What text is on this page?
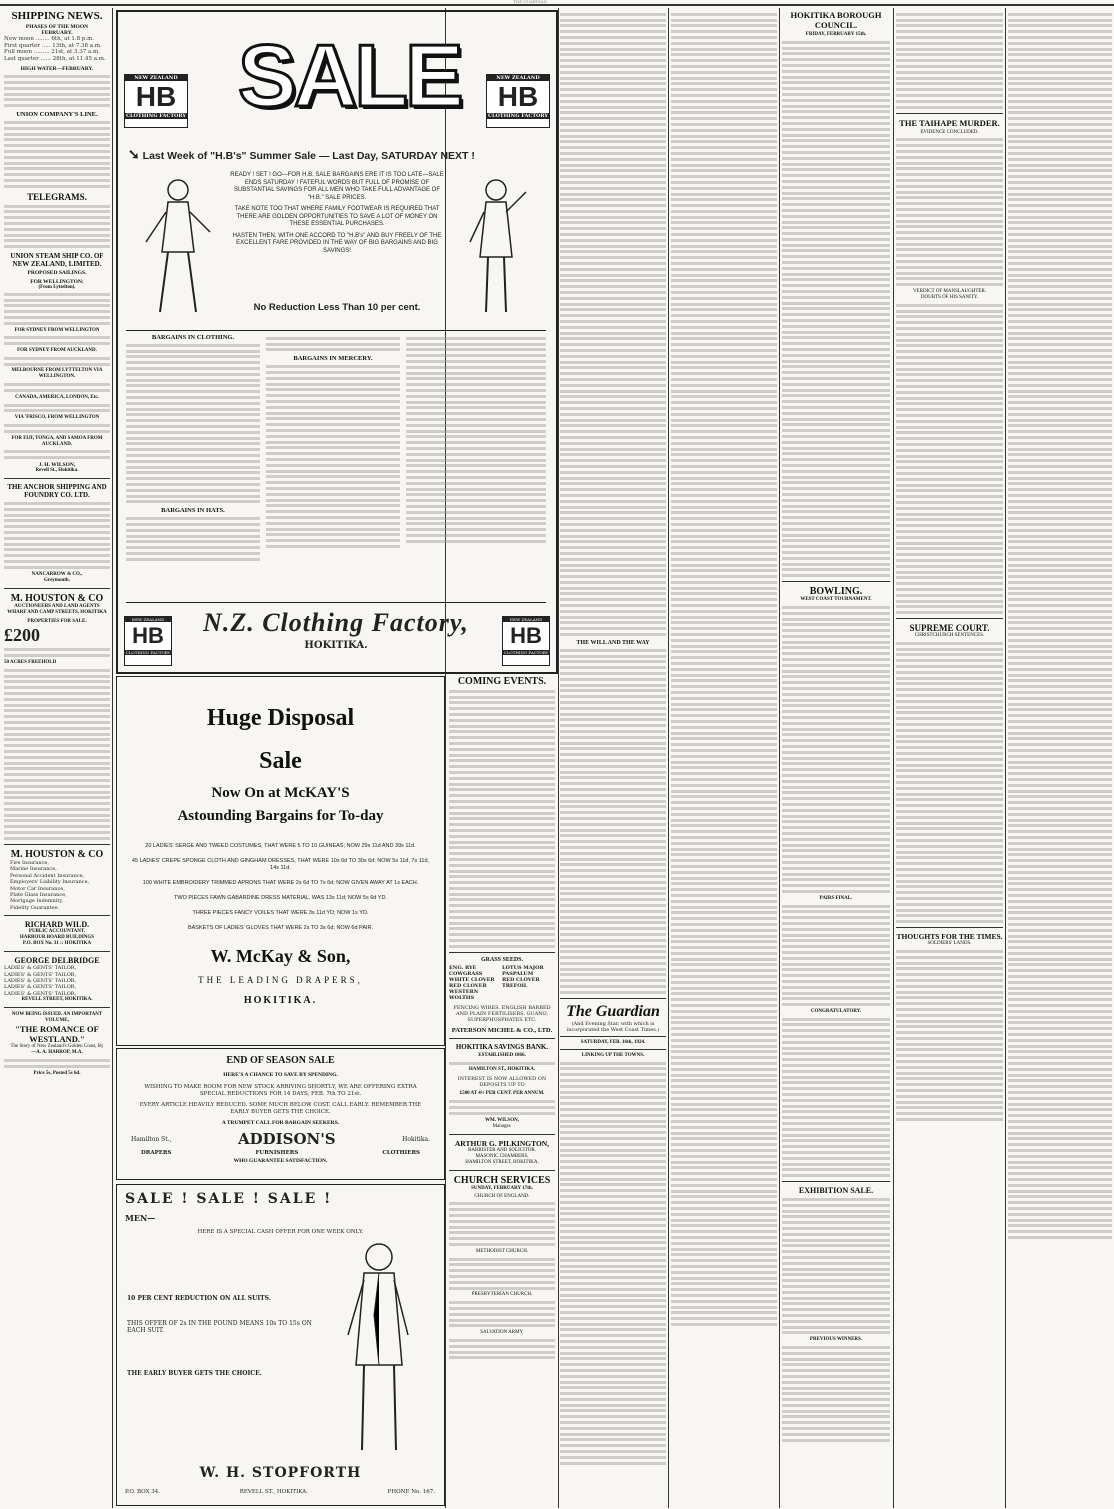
THE GUARDIAN
SHIPPING NEWS.
PHASES OF THE MOON
FEBRUARY.
New moon ........ 6th, at 1.8 p.m.
First quarter ..... 13th, at 7.38 a.m.
Full moon ......... 21st, at 3.37 a.m.
Last quarter ...... 28th, at 11.45 a.m.
HIGH WATER—FEBRUARY.
UNION COMPANY'S LINE.
TELEGRAMS.
UNION STEAM SHIP CO. OF NEW ZEALAND, LIMITED.
PROPOSED SAILINGS.
FOR WELLINGTON:
(From Lyttelton).
FOR SYDNEY FROM WELLINGTON
FOR SYDNEY FROM AUCKLAND.
MELBOURNE FROM LYTTELTON VIA WELLINGTON.
CANADA, AMERICA, LONDON, Etc.
VIA 'FRISCO, FROM WELLINGTON
FOR FIJI, TONGA, AND SAMOA FROM AUCKLAND.
J. H. WILSON,
Revell St., Hokitika.
THE ANCHOR SHIPPING AND FOUNDRY CO. LTD.
NANCARROW & CO.,
Greymouth.
M. HOUSTON & CO
AUCTIONEERS AND LAND AGENTS
WHARF AND CAMP STREETS, HOKITIKA
PROPERTIES FOR SALE.
£200
50 ACRES FREEHOLD
M. HOUSTON & CO
Fire Insurance,
Marine Insurance,
Personal Accident Insurance,
Employers' Liability Insurance,
Motor Car Insurance,
Plate Glass Insurance,
Mortgage Indemnity,
Fidelity Guarantee.
RICHARD WILD.
PUBLIC ACCOUNTANT.
HARBOUR BOARD BUILDINGS
P.O. BOX No. 31 :: HOKITIKA
GEORGE DELBRIDGE
LADIES' & GENTS' TAILOR,
LADIES' & GENTS' TAILOR,
LADIES' & GENTS' TAILOR,
LADIES' & GENTS' TAILOR,
LADIES' & GENTS' TAILOR,
REVELL STREET, HOKITIKA.
NOW BEING ISSUED. AN IMPORTANT VOLUME,
"THE ROMANCE OF WESTLAND."
The Story of New Zealand's Golden Coast, By
—A. A. HARROP, M.A.
Price 5s, Posted 5s 6d.
NEW ZEALAND
HB
CLOTHING FACTORY SALE	NEW ZEALAND
HB
CLOTHING FACTORY
➘ Last Week of "H.B's" Summer Sale — Last Day, SATURDAY NEXT !
READY ! SET ! GO—FOR H.B. SALE BARGAINS ERE IT IS TOO LATE—SALE ENDS SATURDAY ! FATEFUL WORDS BUT FULL OF PROMISE OF SUBSTANTIAL SAVINGS FOR ALL MEN WHO TAKE FULL ADVANTAGE OF "H.B." SALE PRICES.
TAKE NOTE TOO THAT WHERE FAMILY FOOTWEAR IS REQUIRED THAT THERE ARE GOLDEN OPPORTUNITIES TO SAVE A LOT OF MONEY ON THESE ESSENTIAL PURCHASES.
HASTEN THEN, WITH ONE ACCORD TO "H.B's" AND BUY FREELY OF THE EXCELLENT FARE PROVIDED IN THE WAY OF BIG BARGAINS AND BIG SAVINGS!
No Reduction Less Than 10 per cent.
BARGAINS IN CLOTHING.
BARGAINS IN HATS.
BARGAINS IN MERCERY.
N.Z. Clothing Factory,
HOKITIKA.
NEW ZEALAND
HB
CLOTHING FACTORY
NEW ZEALAND
HB
CLOTHING FACTORY
Huge Disposal
Sale
Now On at McKAY'S
Astounding Bargains for To-day
20 LADIES' SERGE AND TWEED COSTUMES, THAT WERE 5 TO 10 GUINEAS; NOW 29s 11d AND 39s 11d.
45 LADIES' CREPE SPONGE CLOTH AND GINGHAM DRESSES, THAT WERE 10s 6d TO 30s 6d; NOW 5s 11d, 7s 11d, 14s 11d.
100 WHITE EMBROIDERY TRIMMED APRONS THAT WERE 2s 6d TO 7s 6d; NOW GIVEN AWAY AT 1s EACH.
TWO PIECES FAWN GABARDINE DRESS MATERIAL, WAS 13s 11d; NOW 5s 6d YD.
THREE PIECES FANCY VOILES THAT WERE 3s 11d YD; NOW 1s YD.
BASKETS OF LADIES' GLOVES THAT WERE 2s TO 3s 6d; NOW 6d PAIR.
W. McKay & Son,
THE LEADING DRAPERS,
HOKITIKA.
END OF SEASON SALE
HERE'S A CHANCE TO SAVE BY SPENDING.
WISHING TO MAKE ROOM FOR NEW STOCK ARRIVING SHORTLY, WE ARE OFFERING EXTRA SPECIAL REDUCTIONS FOR 14 DAYS, FEB. 7th TO 21st.
EVERY ARTICLE HEAVILY REDUCED. SOME MUCH BELOW COST. CALL EARLY. REMEMBER THE EARLY BUYER GETS THE CHOICE.
A TRUMPET CALL FOR BARGAIN SEEKERS.
Hamilton St.,	ADDISON'S	Hokitika.
DRAPERS	FURNISHERS	CLOTHIERS
WHO GUARANTEE SATISFACTION.
SALE ! SALE ! SALE !
MEN—
HERE IS A SPECIAL CASH OFFER FOR ONE WEEK ONLY.
10 PER CENT REDUCTION ON ALL SUITS.
THIS OFFER OF 2s IN THE POUND MEANS 10s TO 15s ON EACH SUIT.
THE EARLY BUYER GETS THE CHOICE.
W. H. STOPFORTH
P.O. BOX 34.	REVELL ST., HOKITIKA.	PHONE No. 167.
COMING EVENTS.
GRASS SEEDS.
ENG. RYE	LOTUS MAJOR
COWGRASS	PASPALUM
WHITE CLOVER	RED CLOVER
RED CLOVER	TREFOIL
WESTERN WOLTHS
FENCING WIRES. ENGLISH BARBED AND PLAIN FERTILISERS. GUANO, SUPERPHOSPHATES ETC.
PATERSON MICHEL & CO., LTD.
HOKITIKA SAVINGS BANK.
ESTABLISHED 1866.
HAMILTON ST., HOKITIKA.
INTEREST IS NOW ALLOWED ON DEPOSITS UP TO
£500 AT 4½ PER CENT. PER ANNUM.
WM. WILSON,
Manager.
ARTHUR G. PILKINGTON,
BARRISTER AND SOLICITOR.
MASONIC CHAMBERS,
HAMILTON STREET, HOKITIKA.
CHURCH SERVICES
SUNDAY, FEBRUARY 17th.
CHURCH OF ENGLAND.
METHODIST CHURCH.
PRESBYTERIAN CHURCH.
SALVATION ARMY.
THE WILL AND THE WAY
The Guardian
(And Evening Star, with which is incorporated the West Coast Times.)
SATURDAY, FEB. 16th, 1924.
LINKING UP THE TOWNS.
HOKITIKA BOROUGH COUNCIL.
FRIDAY, FEBRUARY 15th.
BOWLING.
WEST COAST TOURNAMENT.
PAIRS FINAL.
CONGRATULATORY.
EXHIBITION SALE.
PREVIOUS WINNERS.
THE TAIHAPE MURDER.
EVIDENCE CONCLUDED.
VERDICT OF MANSLAUGHTER.
DOUBTS OF HIS SANITY.
SUPREME COURT.
CHRISTCHURCH SENTENCES.
THOUGHTS FOR THE TIMES.
SOLDIERS' LANDS.
